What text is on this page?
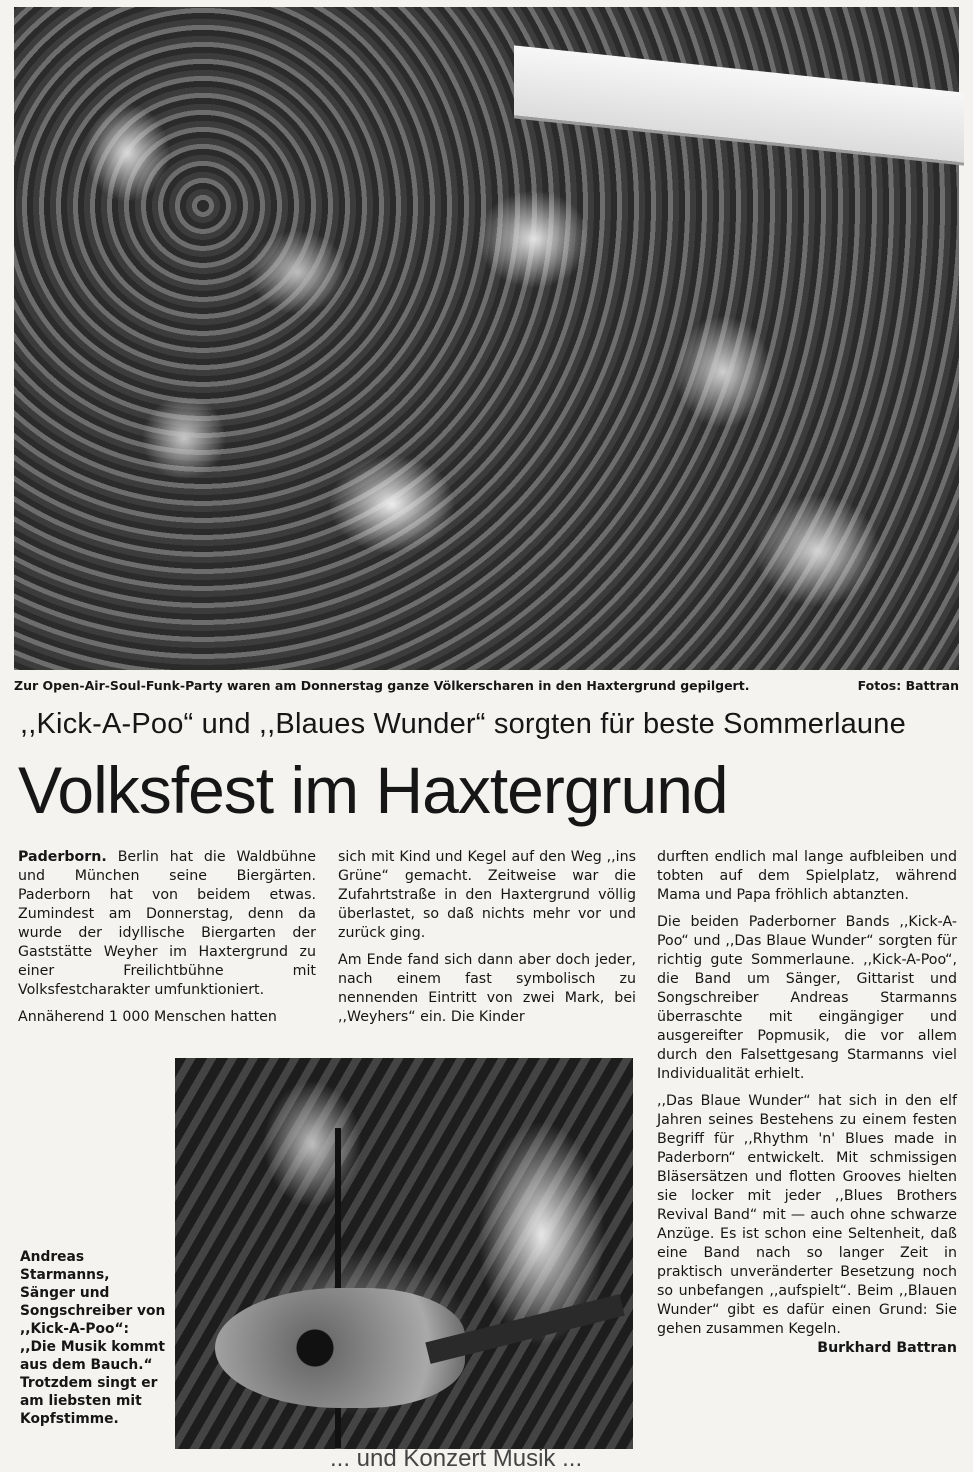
Zur Open-Air-Soul-Funk-Party waren am Donnerstag ganze Völkerscharen in den Haxtergrund gepilgert.	Fotos: Battran
,,Kick-A-Poo“ und ,,Blaues Wunder“ sorgten für beste Sommerlaune
Volksfest im Haxtergrund

Paderborn. Berlin hat die Waldbühne und München seine Biergärten. Paderborn hat von beidem etwas. Zumindest am Donnerstag, denn da wurde der idyllische Biergarten der Gaststätte Weyher im Haxtergrund zu einer Freilichtbühne mit Volksfestcharakter umfunktioniert.

Annäherend 1 000 Menschen hatten

sich mit Kind und Kegel auf den Weg ,,ins Grüne“ gemacht. Zeitweise war die Zufahrtstraße in den Haxtergrund völlig überlastet, so daß nichts mehr vor und zurück ging.

Am Ende fand sich dann aber doch jeder, nach einem fast symbolisch zu nennenden Eintritt von zwei Mark, bei ,,Weyhers“ ein. Die Kinder

durften endlich mal lange aufbleiben und tobten auf dem Spielplatz, während Mama und Papa fröhlich abtanzten.

Die beiden Paderborner Bands ,,Kick-A-Poo“ und ,,Das Blaue Wunder“ sorgten für richtig gute Sommerlaune. ,,Kick-A-Poo“, die Band um Sänger, Gittarist und Songschreiber Andreas Starmanns überraschte mit eingängiger und ausgereifter Popmusik, die vor allem durch den Falsettgesang Starmanns viel Individualität erhielt.

,,Das Blaue Wunder“ hat sich in den elf Jahren seines Bestehens zu einem festen Begriff für ,,Rhythm 'n' Blues made in Paderborn“ entwickelt. Mit schmissigen Bläsersätzen und flotten Grooves hielten sie locker mit jeder ,,Blues Brothers Revival Band“ mit — auch ohne schwarze Anzüge. Es ist schon eine Seltenheit, daß eine Band nach so langer Zeit in praktisch unveränderter Besetzung noch so unbefangen ,,aufspielt“. Beim ,,Blauen Wunder“ gibt es dafür einen Grund: Sie gehen zusammen Kegeln.
Burkhard Battran

Andreas Starmanns, Sänger und Songschreiber von ,,Kick-A-Poo“: ,,Die Musik kommt aus dem Bauch.“ Trotzdem singt er am liebsten mit Kopfstimme.
... und Konzert Musik ...
